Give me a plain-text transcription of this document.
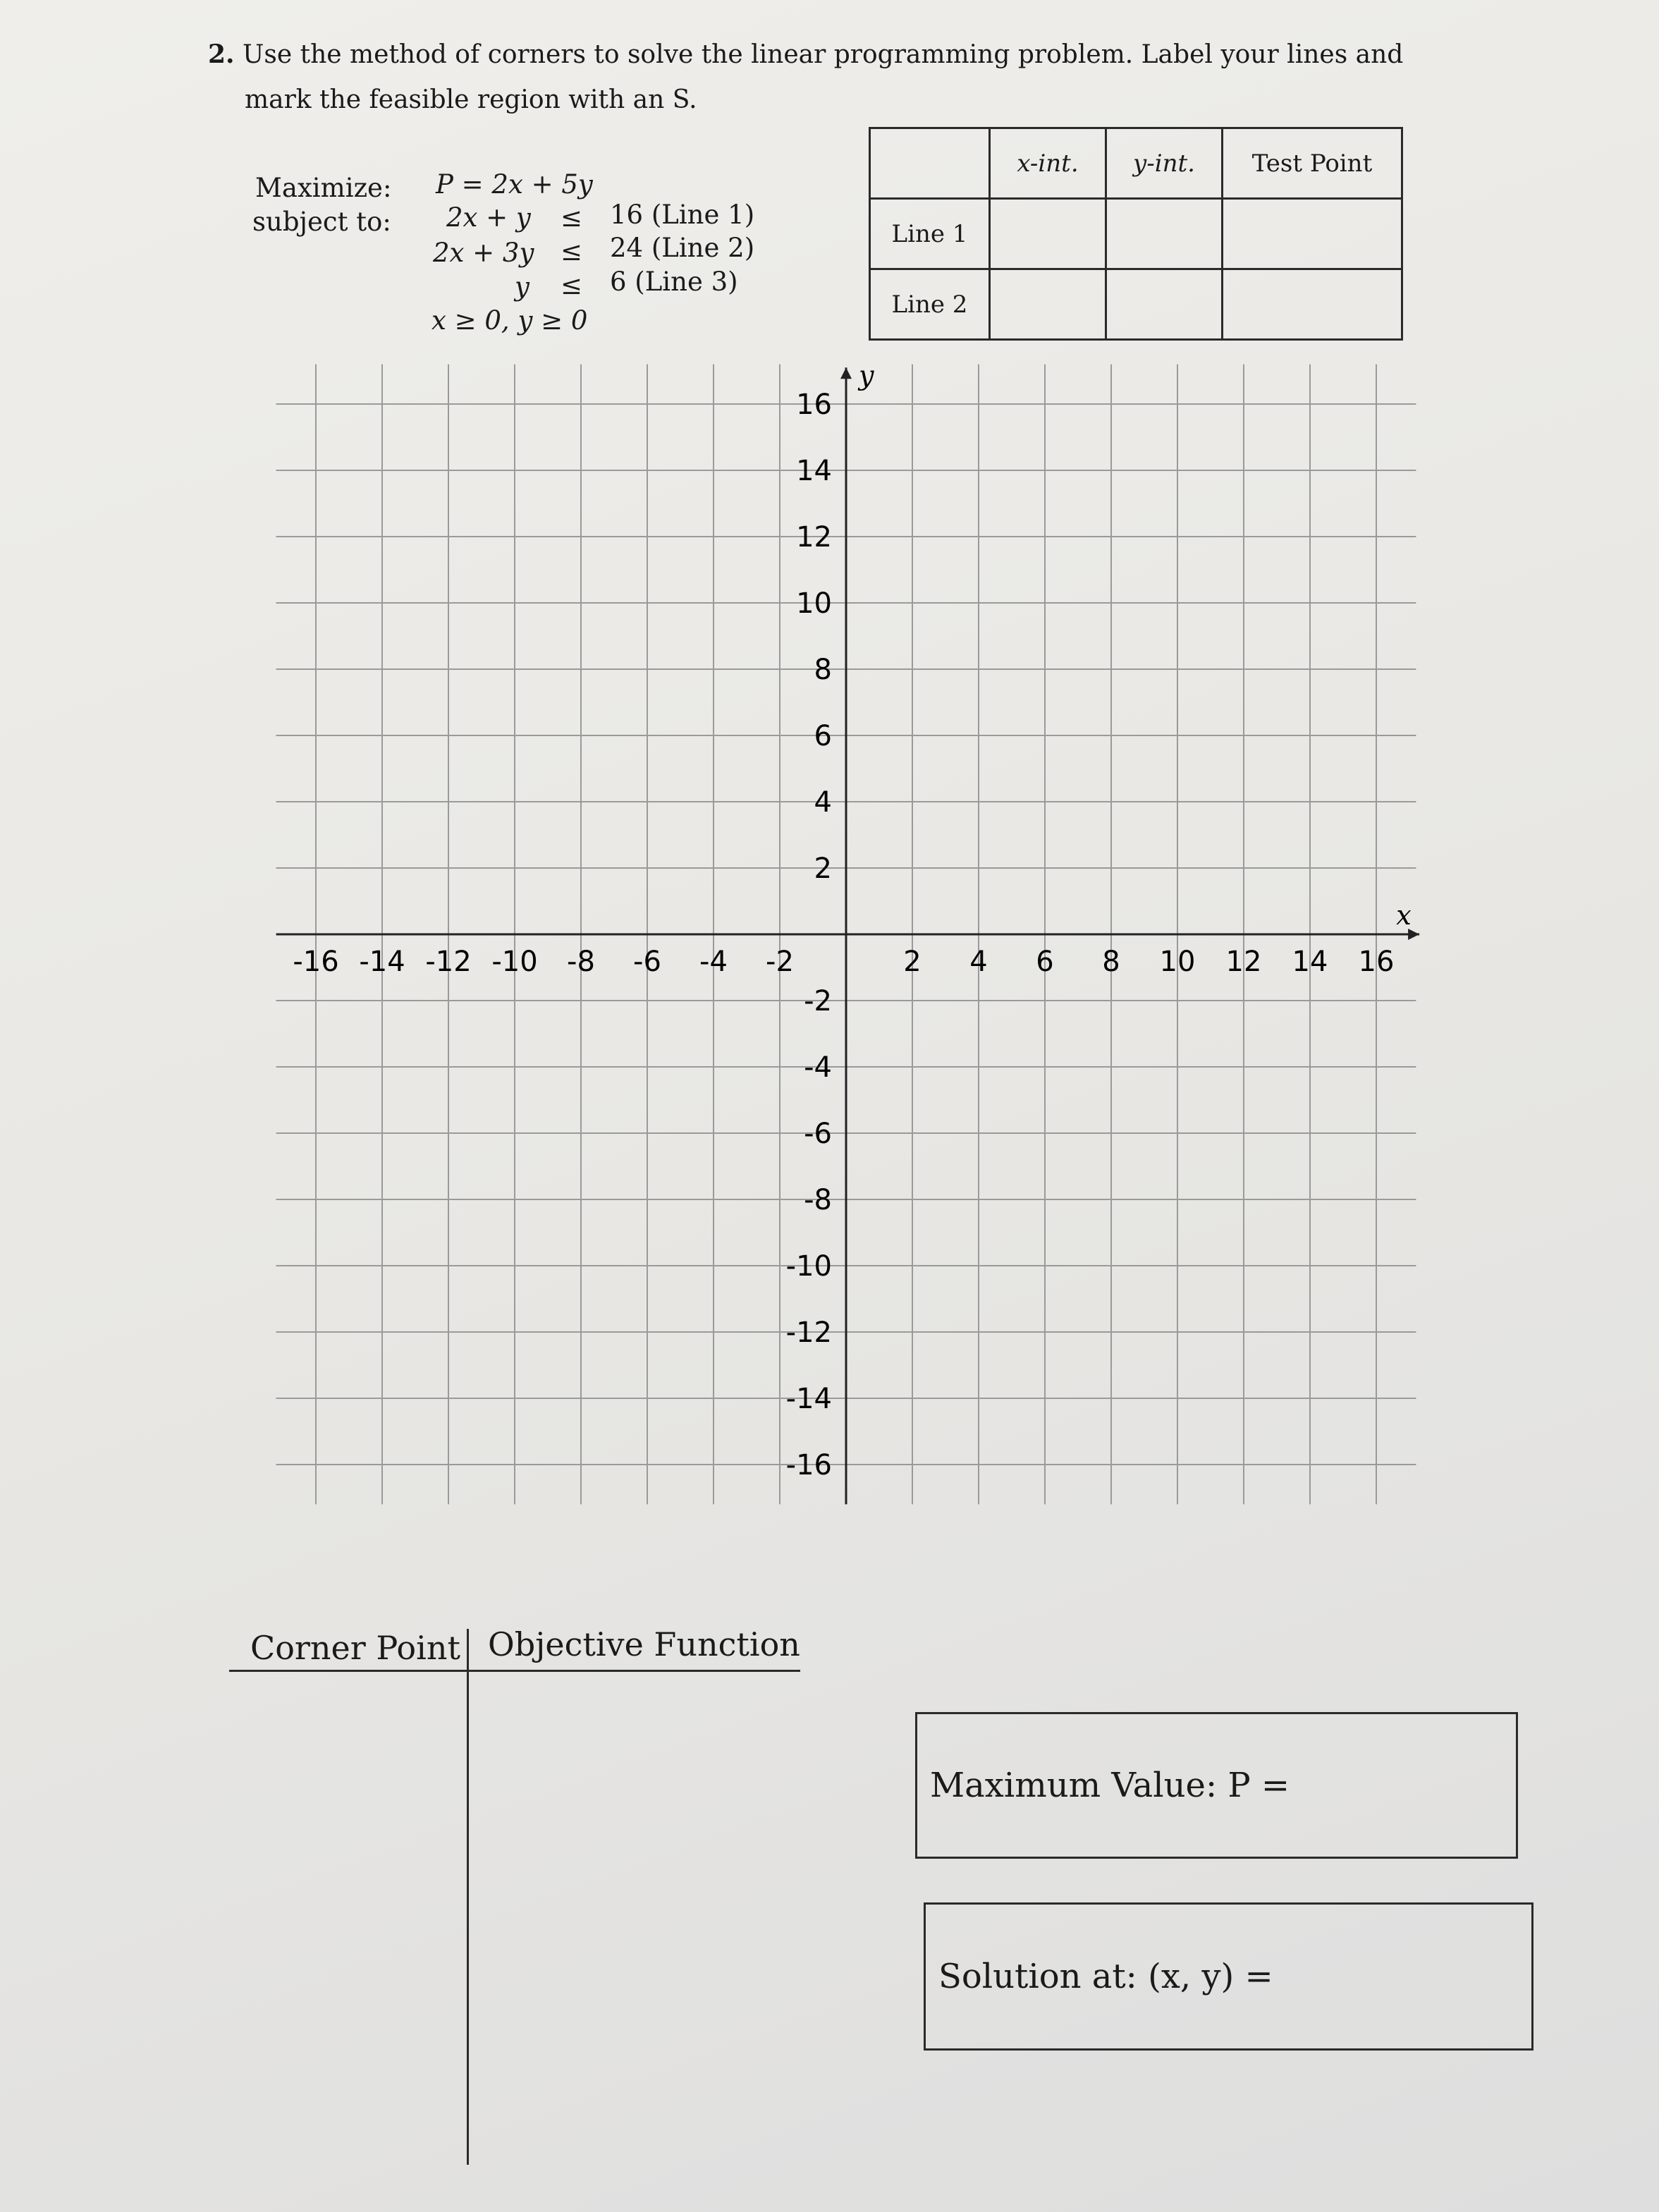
2. Use the method of corners to solve the linear programming problem. Label your lines and
mark the feasible region with an S.
Maximize:
subject to:
P = 2x + 5y
2x + y ≤ 16 (Line 1)
2x + 3y ≤ 24 (Line 2)
y ≤ 6 (Line 3)
x ≥ 0, y ≥ 0
	x-int.	y-int.	Test Point
Line 1			
Line 2			
x
y
-16 -14 -12 -10 -8 -6 -4 -2	2 4 6 8 10 12 14 16
16
14
12
10
8
6
4
2
-2
-4
-6
-8
-10
-12
-14
-16
Corner Point Objective Function
Maximum Value: P =
Solution at: (x, y) =
